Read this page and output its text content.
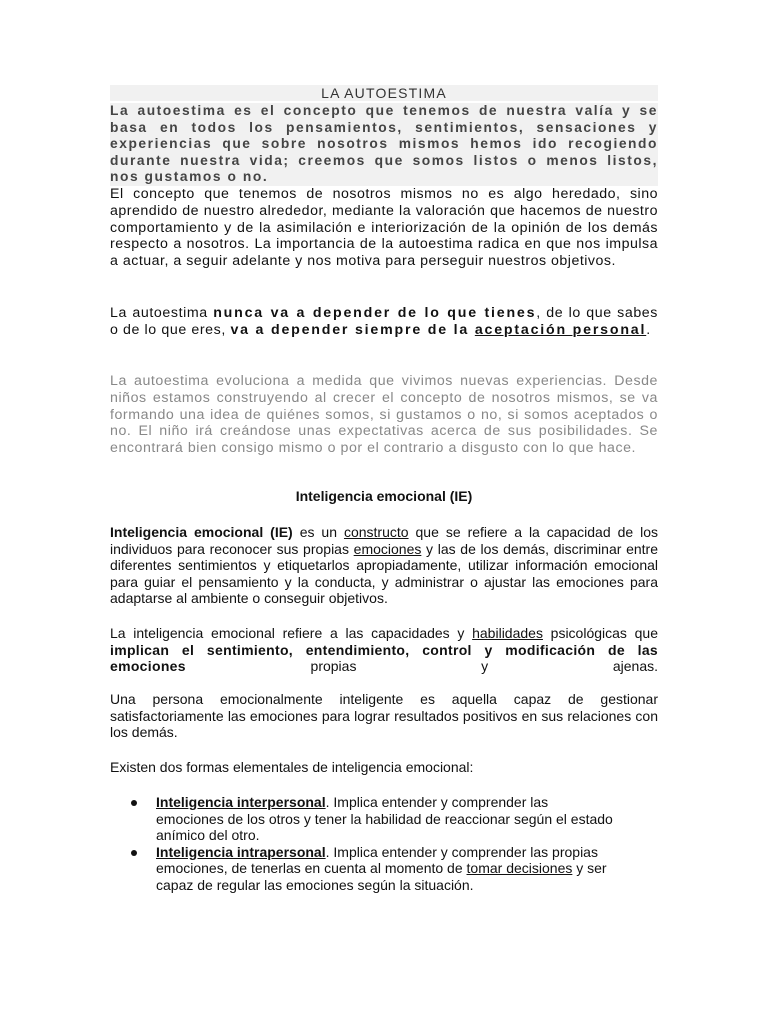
LA AUTOESTIMA
La autoestima es el concepto que tenemos de nuestra valía y se basa en todos los pensamientos, sentimientos, sensaciones y experiencias que sobre nosotros mismos hemos ido recogiendo durante nuestra vida; creemos que somos listos o menos listos, nos gustamos o no.
El concepto que tenemos de nosotros mismos no es algo heredado, sino aprendido de nuestro alrededor, mediante la valoración que hacemos de nuestro comportamiento y de la asimilación e interiorización de la opinión de los demás respecto a nosotros. La importancia de la autoestima radica en que nos impulsa a actuar, a seguir adelante y nos motiva para perseguir nuestros objetivos.
La autoestima nunca va a depender de lo que tienes, de lo que sabes o de lo que eres, va a depender siempre de la aceptación personal.
La autoestima evoluciona a medida que vivimos nuevas experiencias. Desde niños estamos construyendo al crecer el concepto de nosotros mismos, se va formando una idea de quiénes somos, si gustamos o no, si somos aceptados o no. El niño irá creándose unas expectativas acerca de sus posibilidades. Se encontrará bien consigo mismo o por el contrario a disgusto con lo que hace.
Inteligencia emocional (IE)
Inteligencia emocional (IE) es un constructo que se refiere a la capacidad de los individuos para reconocer sus propias emociones y las de los demás, discriminar entre diferentes sentimientos y etiquetarlos apropiadamente, utilizar información emocional para guiar el pensamiento y la conducta, y administrar o ajustar las emociones para adaptarse al ambiente o conseguir objetivos.
La inteligencia emocional refiere a las capacidades y habilidades psicológicas que implican el sentimiento, entendimiento, control y modificación de las emociones propias y ajenas.
Una persona emocionalmente inteligente es aquella capaz de gestionar satisfactoriamente las emociones para lograr resultados positivos en sus relaciones con los demás.
Existen dos formas elementales de inteligencia emocional:
Inteligencia interpersonal. Implica entender y comprender las emociones de los otros y tener la habilidad de reaccionar según el estado anímico del otro.
Inteligencia intrapersonal. Implica entender y comprender las propias emociones, de tenerlas en cuenta al momento de tomar decisiones y ser capaz de regular las emociones según la situación.
